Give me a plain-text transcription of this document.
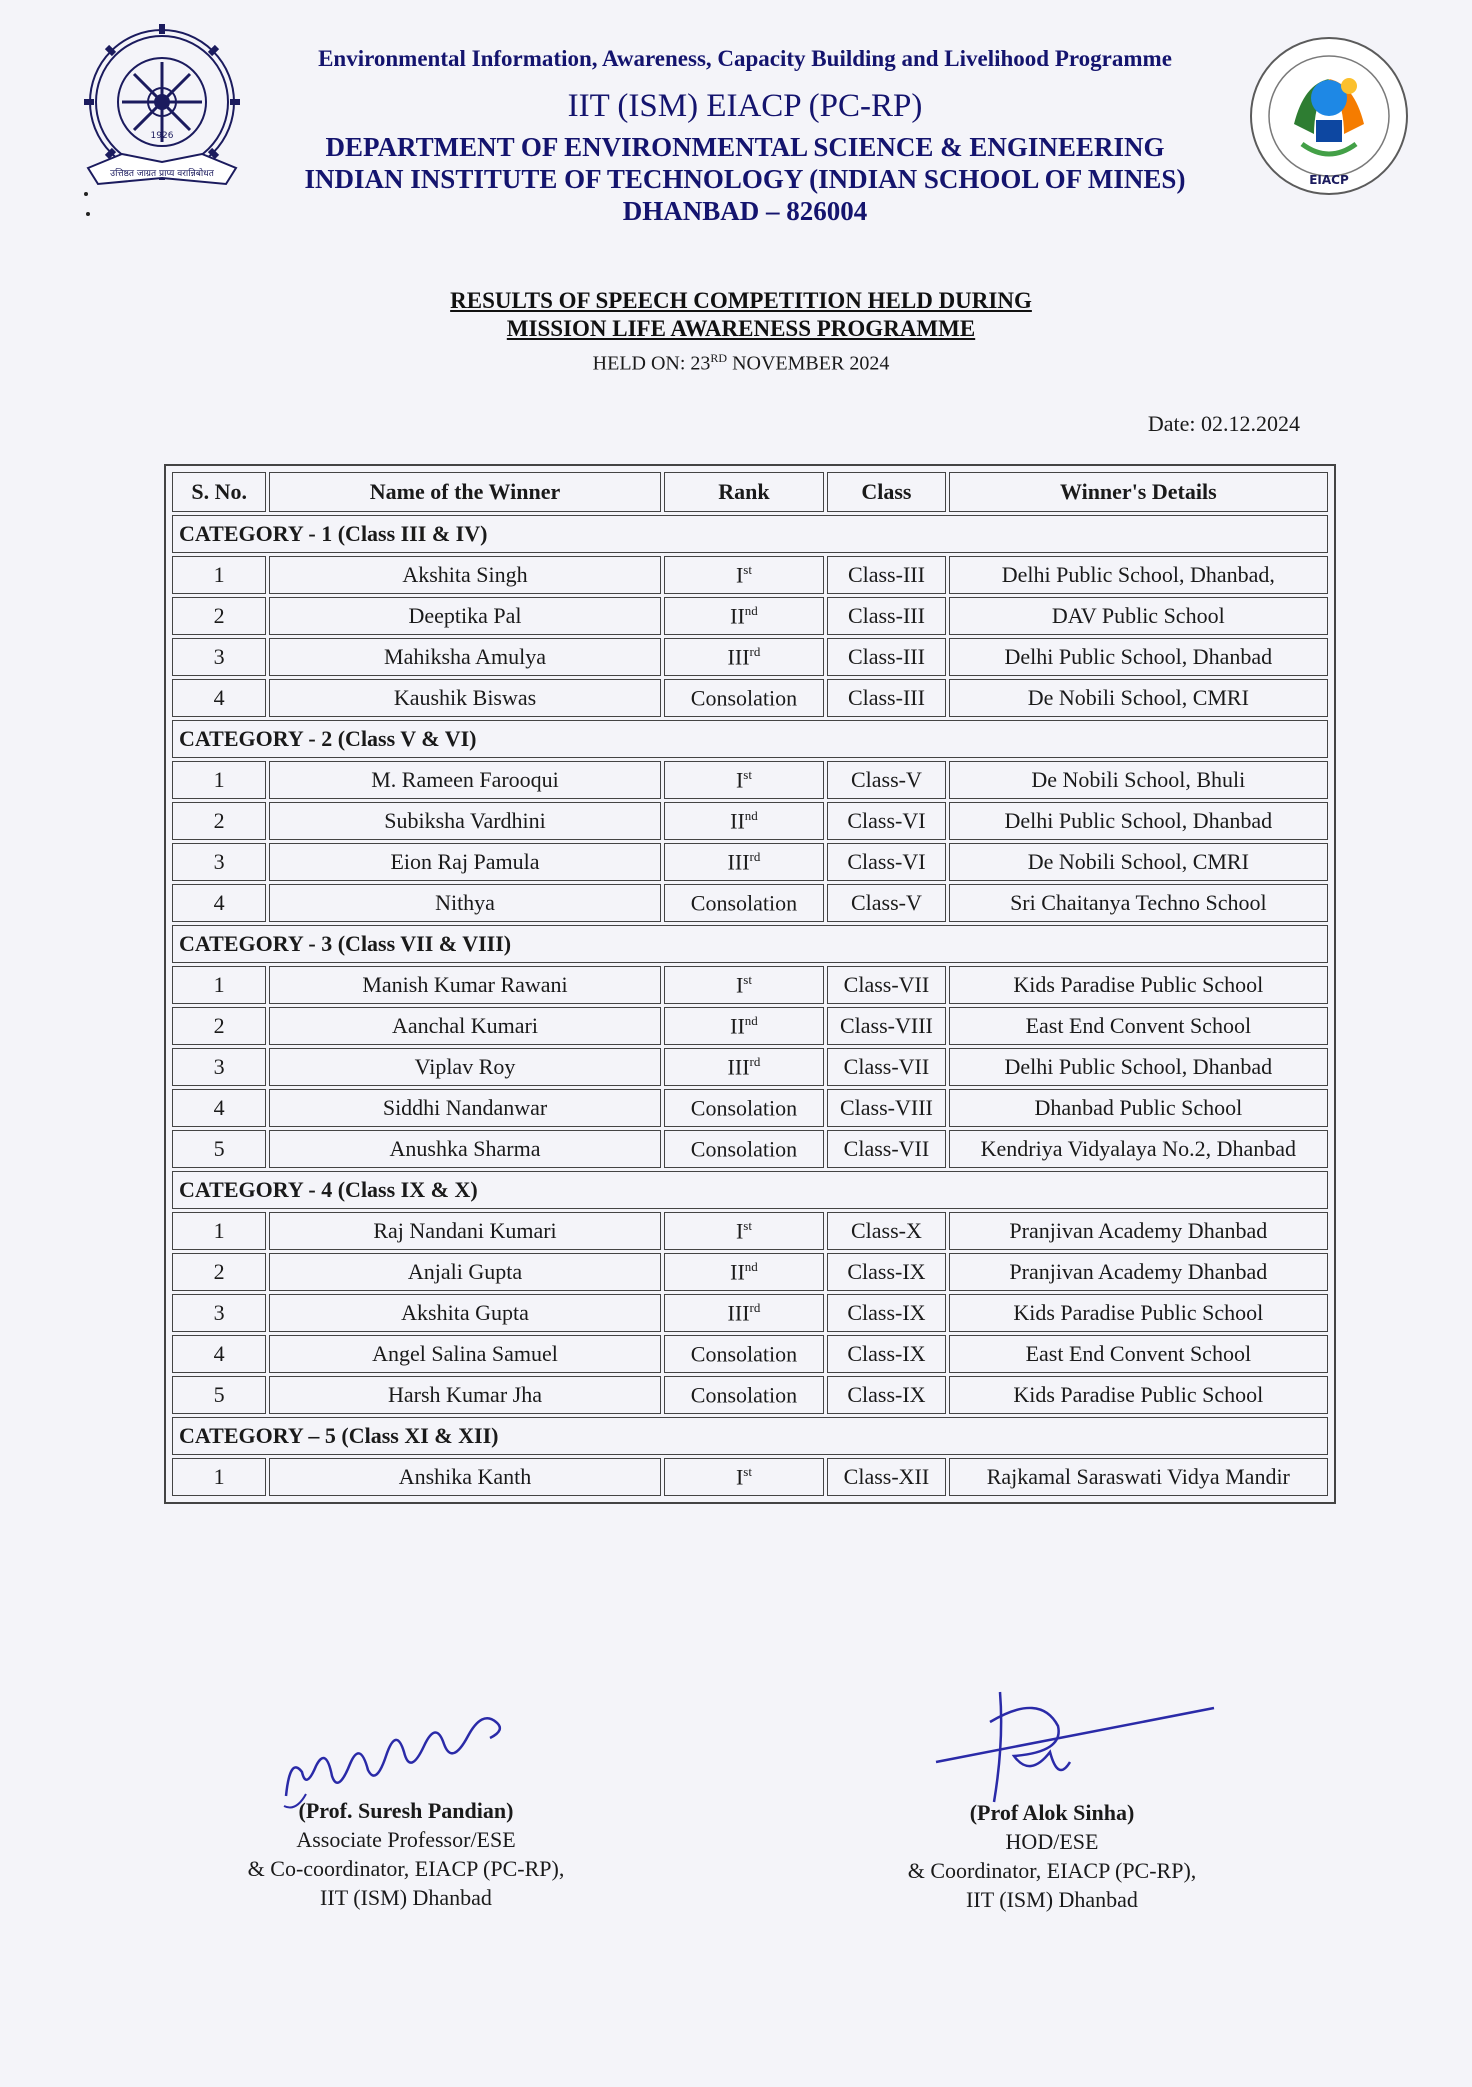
उत्तिष्ठत जाग्रत प्राप्य वरान्निबोधत
1926
Environmental Information, Awareness, Capacity Building and Livelihood Programme
IIT (ISM) EIACP (PC-RP)
DEPARTMENT OF ENVIRONMENTAL SCIENCE & ENGINEERING
INDIAN INSTITUTE OF TECHNOLOGY (INDIAN SCHOOL OF MINES)
DHANBAD – 826004
EIACP
RESULTS OF SPEECH COMPETITION HELD DURING
MISSION LIFE AWARENESS PROGRAMME
HELD ON: 23RD NOVEMBER 2024
Date: 02.12.2024
S. No.	Name of the Winner	Rank	Class	Winner's Details
CATEGORY - 1 (Class III & IV)				
1	Akshita Singh	Ist	Class-III	Delhi Public School, Dhanbad,
2	Deeptika Pal	IInd	Class-III	DAV Public School
3	Mahiksha Amulya	IIIrd	Class-III	Delhi Public School, Dhanbad
4	Kaushik Biswas	Consolation	Class-III	De Nobili School, CMRI
CATEGORY - 2 (Class V & VI)				
1	M. Rameen Farooqui	Ist	Class-V	De Nobili School, Bhuli
2	Subiksha Vardhini	IInd	Class-VI	Delhi Public School, Dhanbad
3	Eion Raj Pamula	IIIrd	Class-VI	De Nobili School, CMRI
4	Nithya	Consolation	Class-V	Sri Chaitanya Techno School
CATEGORY - 3 (Class VII & VIII)				
1	Manish Kumar Rawani	Ist	Class-VII	Kids Paradise Public School
2	Aanchal Kumari	IInd	Class-VIII	East End Convent School
3	Viplav Roy	IIIrd	Class-VII	Delhi Public School, Dhanbad
4	Siddhi Nandanwar	Consolation	Class-VIII	Dhanbad Public School
5	Anushka Sharma	Consolation	Class-VII	Kendriya Vidyalaya No.2, Dhanbad
CATEGORY - 4 (Class IX & X)				
1	Raj Nandani Kumari	Ist	Class-X	Pranjivan Academy Dhanbad
2	Anjali Gupta	IInd	Class-IX	Pranjivan Academy Dhanbad
3	Akshita Gupta	IIIrd	Class-IX	Kids Paradise Public School
4	Angel Salina Samuel	Consolation	Class-IX	East End Convent School
5	Harsh Kumar Jha	Consolation	Class-IX	Kids Paradise Public School
CATEGORY – 5 (Class XI & XII)				
1	Anshika Kanth	Ist	Class-XII	Rajkamal Saraswati Vidya Mandir
(Prof. Suresh Pandian)
Associate Professor/ESE
& Co-coordinator, EIACP (PC-RP),
IIT (ISM) Dhanbad
(Prof Alok Sinha)
HOD/ESE
& Coordinator, EIACP (PC-RP),
IIT (ISM) Dhanbad
